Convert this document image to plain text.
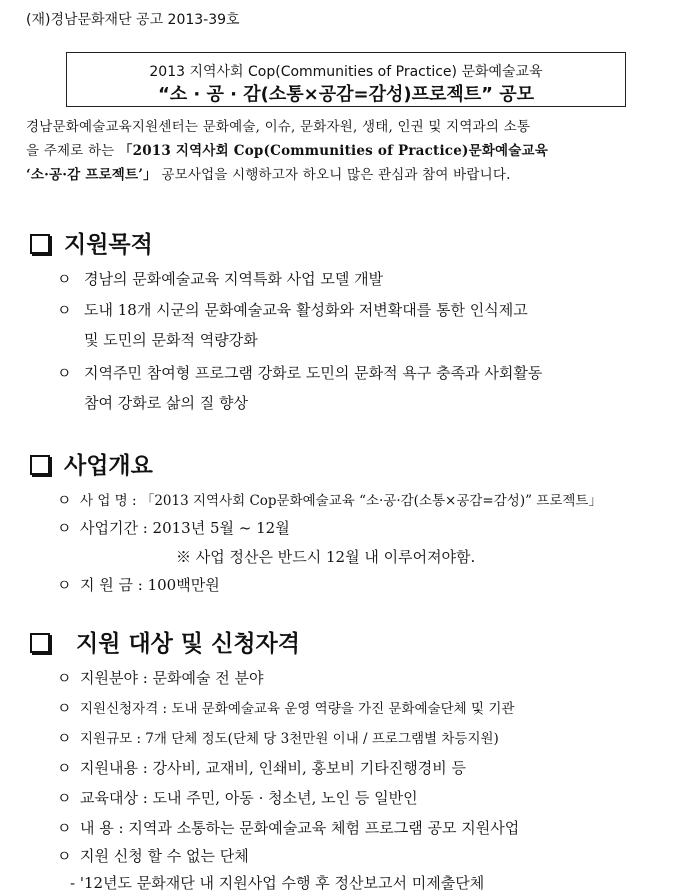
(재)경남문화재단 공고 2013-39호
2013 지역사회 Cop(Communities of Practice) 문화예술교육
“소 · 공 · 감(소통×공감=감성)프로젝트” 공모
경남문화예술교육지원센터는 문화예술, 이슈, 문화자원, 생태, 인권 및 지역과의 소통
을 주제로 하는 「2013 지역사회 Cop(Communities of Practice)문화예술교육
‘소·공·감 프로젝트’」 공모사업을 시행하고자 하오니 많은 관심과 참여 바랍니다.
지원목적
ㅇ 경남의 문화예술교육 지역특화 사업 모델 개발
ㅇ 도내 18개 시군의 문화예술교육 활성화와 저변확대를 통한 인식제고
및 도민의 문화적 역량강화
ㅇ 지역주민 참여형 프로그램 강화로 도민의 문화적 욕구 충족과 사회활동
참여 강화로 삶의 질 향상
사업개요
ㅇ 사 업 명 : 「2013 지역사회 Cop문화예술교육 “소·공·감(소통×공감=감성)” 프로젝트」
ㅇ 사업기간 : 2013년 5월 ~ 12월
※ 사업 정산은 반드시 12월 내 이루어져야함.
ㅇ 지 원 금 : 100백만원
지원 대상 및 신청자격
ㅇ 지원분야 : 문화예술 전 분야
ㅇ 지원신청자격 : 도내 문화예술교육 운영 역량을 가진 문화예술단체 및 기관
ㅇ 지원규모 : 7개 단체 정도(단체 당 3천만원 이내 / 프로그램별 차등지원)
ㅇ 지원내용 : 강사비, 교재비, 인쇄비, 홍보비 기타진행경비 등
ㅇ 교육대상 : 도내 주민, 아동 · 청소년, 노인 등 일반인
ㅇ 내 용 : 지역과 소통하는 문화예술교육 체험 프로그램 공모 지원사업
ㅇ 지원 신청 할 수 없는 단체
- '12년도 문화재단 내 지원사업 수행 후 정산보고서 미제출단체
